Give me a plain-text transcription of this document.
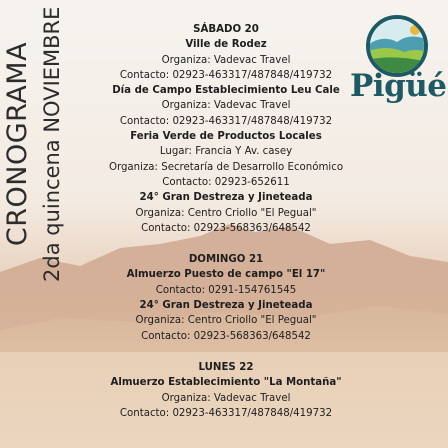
CRONOGRAMA 2da quincena NOVIEMBRE	Pigüé
SÁBADO 20
Ville de Rodez
Organiza: Vadevac Travel
Contacto: 02923-463317/487848/419732
Día de Campo Establecimiento Leu Cale
Organiza: Vadevac Travel
Contacto: 02923-463317/487848/419732
Feria Verde de Productos Locales
Lugar: Francia Y Av. casey
Organiza: Secretaría de Desarrollo Económico
Contacto: 02923-652611
24° Gran Destreza y Jineteada
Organiza: Centro Criollo "El Pegual"
Contacto: 02923-568363/648542
DOMINGO 21
Almuerzo Puesto de campo "El 17"
Contacto: 0291-154761545
24° Gran Destreza y Jineteada
Organiza: Centro Criollo "El Pegual"
Contacto: 02923-568363/648542
LUNES 22
Almuerzo Establecimiento "La Montaña"
Organiza: Vadevac Travel
Contacto: 02923-463317/487848/419732
